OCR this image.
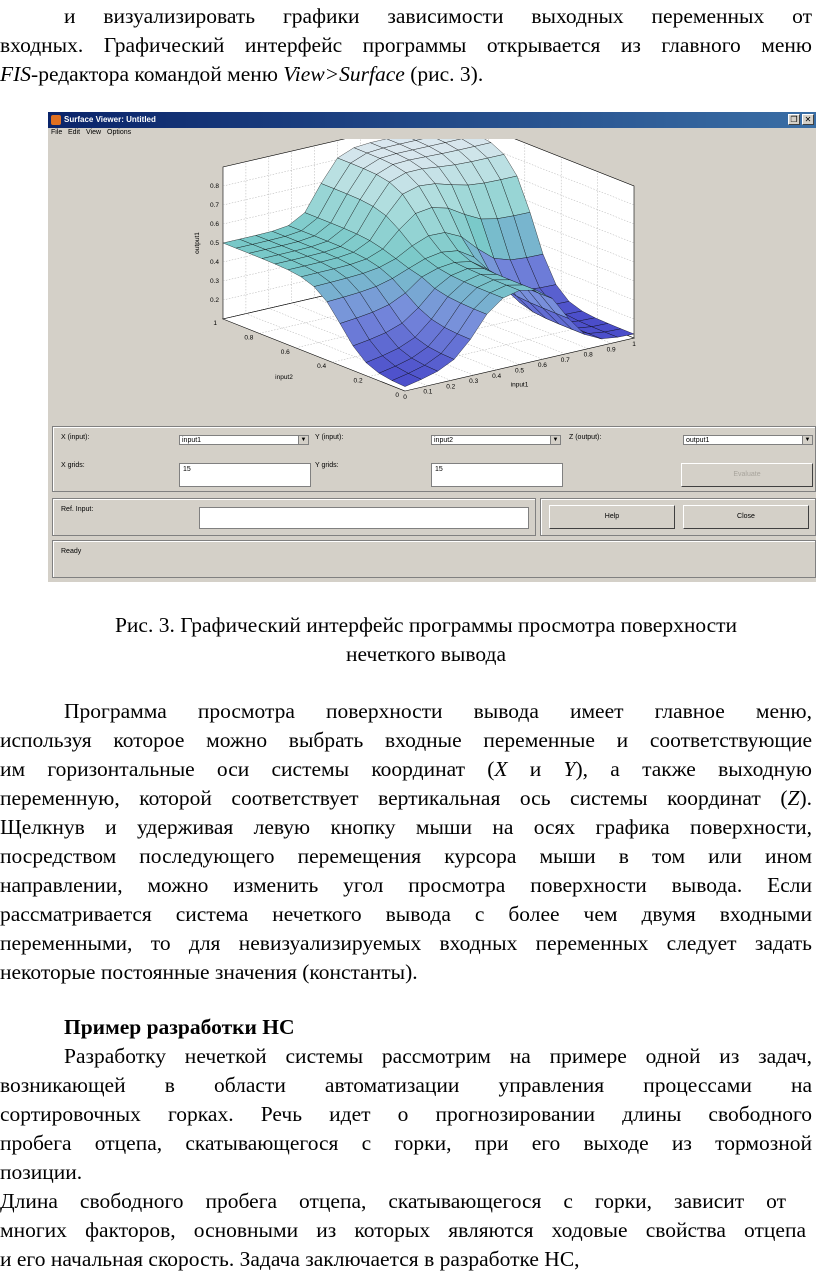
и визуализировать графики зависимости выходных переменных от
входных. Графический интерфейс программы открывается из главного меню
FIS-редактора командой меню View>Surface (рис. 3).
Surface Viewer: Untitled	❐ ✕
File Edit View Options
0
0.1
0.2
0.3
0.4
0.5
0.6
0.7
0.8
0.9
1
0
0.2
0.4
0.6
0.8
1
0.2
0.3
0.4
0.5
0.6
0.7
0.8
input1
input2
output1
X (input):	input1	▼ Y (input):	input2	▼ Z (output):	output1	▼
X grids:
15
Y grids:
15
Evaluate
Ref. Input:
Help	Close
Ready
Рис. 3. Графический интерфейс программы просмотра поверхности
нечеткого вывода
Программа просмотра поверхности вывода имеет главное меню,
используя которое можно выбрать входные переменные и соответствующие
им горизонтальные оси системы координат (X и Y), а также выходную
переменную, которой соответствует вертикальная ось системы координат (Z).
Щелкнув и удерживая левую кнопку мыши на осях графика поверхности,
посредством последующего перемещения курсора мыши в том или ином
направлении, можно изменить угол просмотра поверхности вывода. Если
рассматривается система нечеткого вывода с более чем двумя входными
переменными, то для невизуализируемых входных переменных следует задать
некоторые постоянные значения (константы).
Пример разработки НС
Разработку нечеткой системы рассмотрим на примере одной из задач,
возникающей в области автоматизации управления процессами на
сортировочных горках. Речь идет о прогнозировании длины свободного
пробега отцепа, скатывающегося с горки, при его выходе из тормозной
позиции.
Длина свободного пробега отцепа, скатывающегося с горки, зависит от
многих факторов, основными из которых являются ходовые свойства отцепа
и его начальная скорость. Задача заключается в разработке НС,
